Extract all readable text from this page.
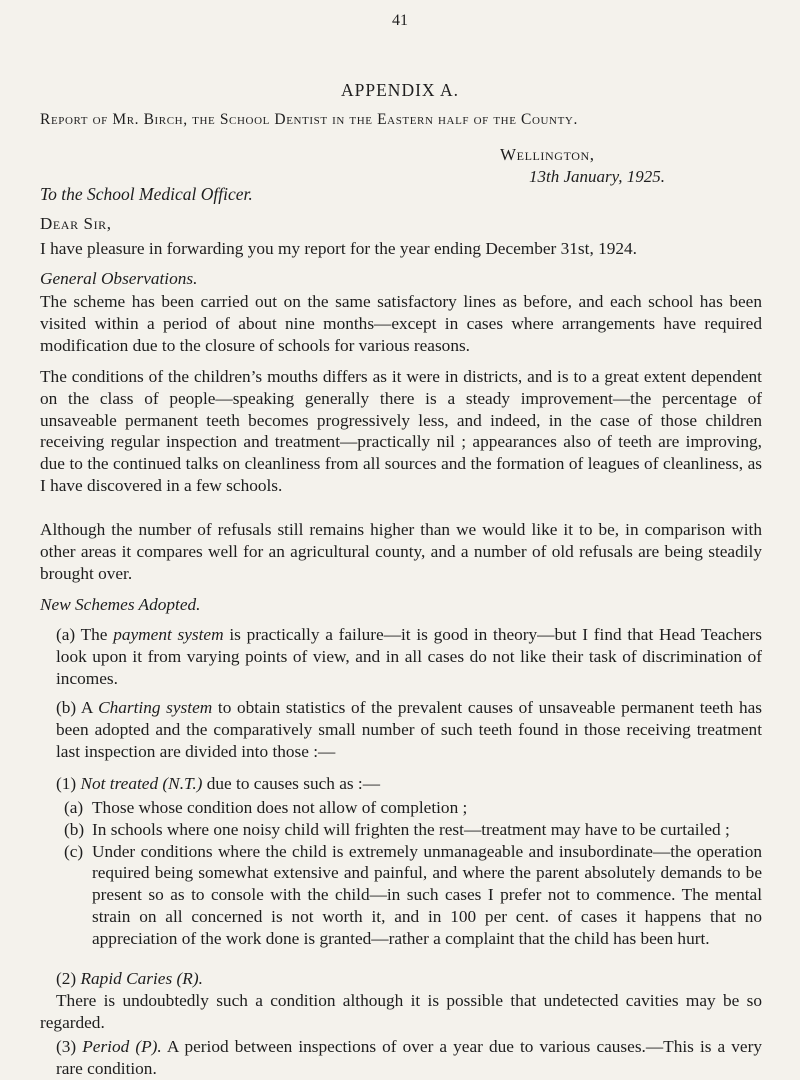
41
APPENDIX A.
Report of Mr. Birch, the School Dentist in the Eastern half of the County.
Wellington,
13th January, 1925.
To the School Medical Officer.
Dear Sir,

I have pleasure in forwarding you my report for the year ending December 31st, 1924.

General Observations.

The scheme has been carried out on the same satisfactory lines as before, and each school has been visited within a period of about nine months—except in cases where arrangements have required modification due to the closure of schools for various reasons.

The conditions of the children’s mouths differs as it were in districts, and is to a great extent dependent on the class of people—speaking generally there is a steady improvement—the percentage of unsaveable permanent teeth becomes progressively less, and indeed, in the case of those children receiving regular inspection and treatment—practically nil ; appearances also of teeth are improving, due to the continued talks on cleanliness from all sources and the formation of leagues of cleanliness, as I have discovered in a few schools.

Although the number of refusals still remains higher than we would like it to be, in comparison with other areas it compares well for an agricultural county, and a number of old refusals are being steadily brought over.

New Schemes Adopted.
(a) The payment system is practically a failure—it is good in theory—but I find that Head Teachers look upon it from varying points of view, and in all cases do not like their task of discrimination of incomes.
(b) A Charting system to obtain statistics of the prevalent causes of unsaveable permanent teeth has been adopted and the comparatively small number of such teeth found in those receiving treatment last inspection are divided into those :—
(1) Not treated (N.T.) due to causes such as :—
(a) Those whose condition does not allow of completion ;
(b) In schools where one noisy child will frighten the rest—treatment may have to be curtailed ;
(c) Under conditions where the child is extremely unmanageable and insubordinate—the operation required being somewhat extensive and painful, and where the parent absolutely demands to be present so as to console with the child—in such cases I prefer not to commence. The mental strain on all concerned is not worth it, and in 100 per cent. of cases it happens that no appreciation of the work done is granted—rather a complaint that the child has been hurt.
(2) Rapid Caries (R).
There is undoubtedly such a condition although it is possible that undetected cavities may be so regarded.
(3) Period (P). A period between inspections of over a year due to various causes.—This is a very rare condition.
